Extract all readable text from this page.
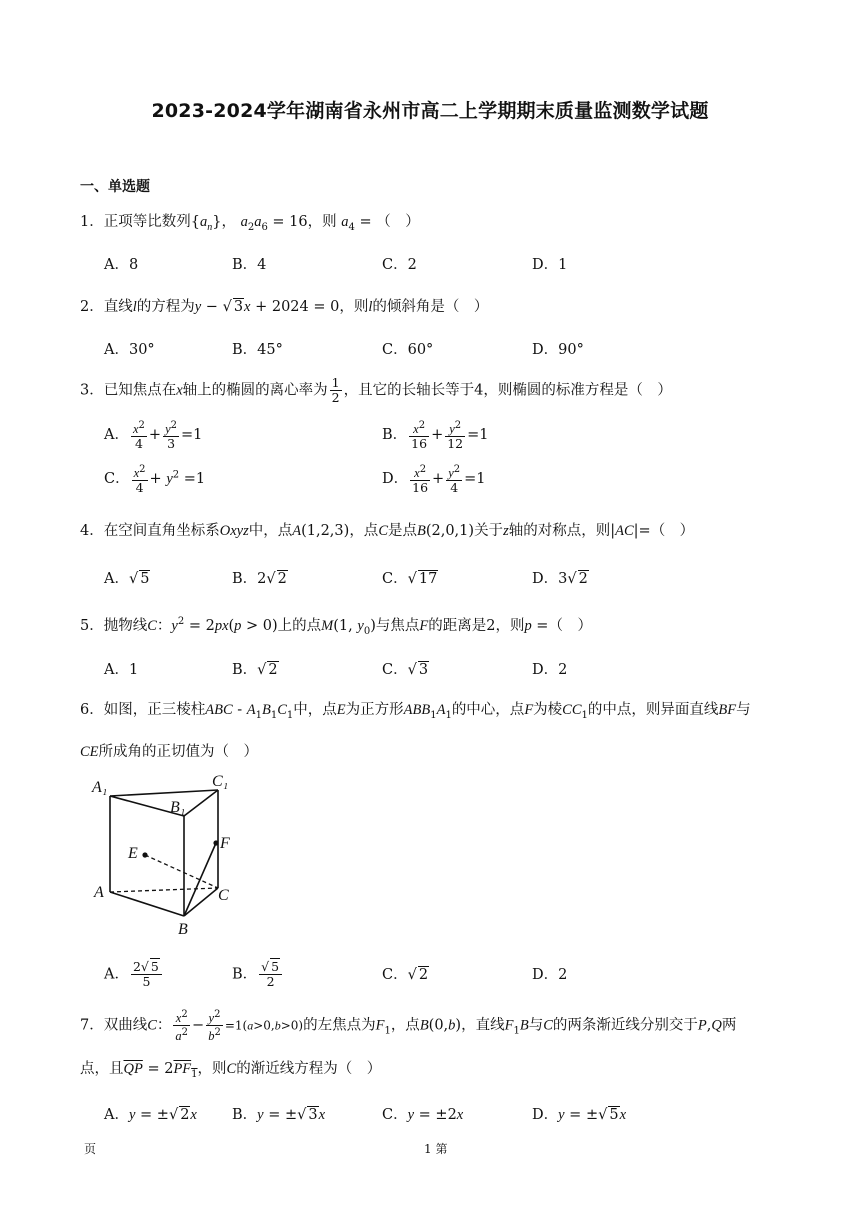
2023-2024学年湖南省永州市高二上学期期末质量监测数学试题
一、单选题
1．正项等比数列$\{a_n\}$， $a_2a_6 = 16$，则 $a_4$ = （　）
A．8	B．4	C．2	D．1
2．直线l的方程为y − √ 3x + 2024 = 0，则l的倾斜角是（　）
A．30°	B．45°	C．60°	D．90°
3．已知焦点在x轴上的椭圆的离心率为 $\frac{1}{2}$ ，且它的长轴长等于4，则椭圆的标准方程是（　）
A． $\frac{x^2}{4} + \frac{y^2}{3} =1$	B． $\frac{x^2}{16} + \frac{y^2}{12} =1$
C． $\frac{x^2}{4} + y^2 =1$	D． $\frac{x^2}{16} + \frac{y^2}{4} =1$
4．在空间直角坐标系Oxyz中，点A(1,2,3)，点C是点B(2,0,1)关于z轴的对称点，则|AC|=（　）
A．√ 5	B．2√ 2	C．√ 17	D．3√ 2
5．抛物线C：$y^2 = 2px(p > 0)$上的点M(1, $y_0$)与焦点F的距离是2，则p =（　）
A．1	B．√ 2	C．√ 3	D．2
6．如图，正三棱柱ABC - $A_1B_1C_1$中，点E为正方形$ABB_1A_1$的中心，点F为棱$CC_1$的中点，则异面直线BF与
CE所成角的正切值为（　）
A₁
B₁
C₁
E
F
A
B
C
A． $\frac{2√ 5}{5}$	B． $\frac{√ 5}{2}$	C．√ 2	D．2
7．双曲线C： $\frac{x^2}{a^2} - \frac{y^2}{b^2} =1(a>0,b>0)$的左焦点为$F_1$，点B(0,b)，直线$F_1B$与C的两条渐近线分别交于P,Q两
点，且$\overline{QP} = 2PF_1$，则C的渐近线方程为（　）
A．y = ±√ 2x B．y = ±√ 3x	C．y = ±2x	D．y = ±√ 5x
页	1 第
